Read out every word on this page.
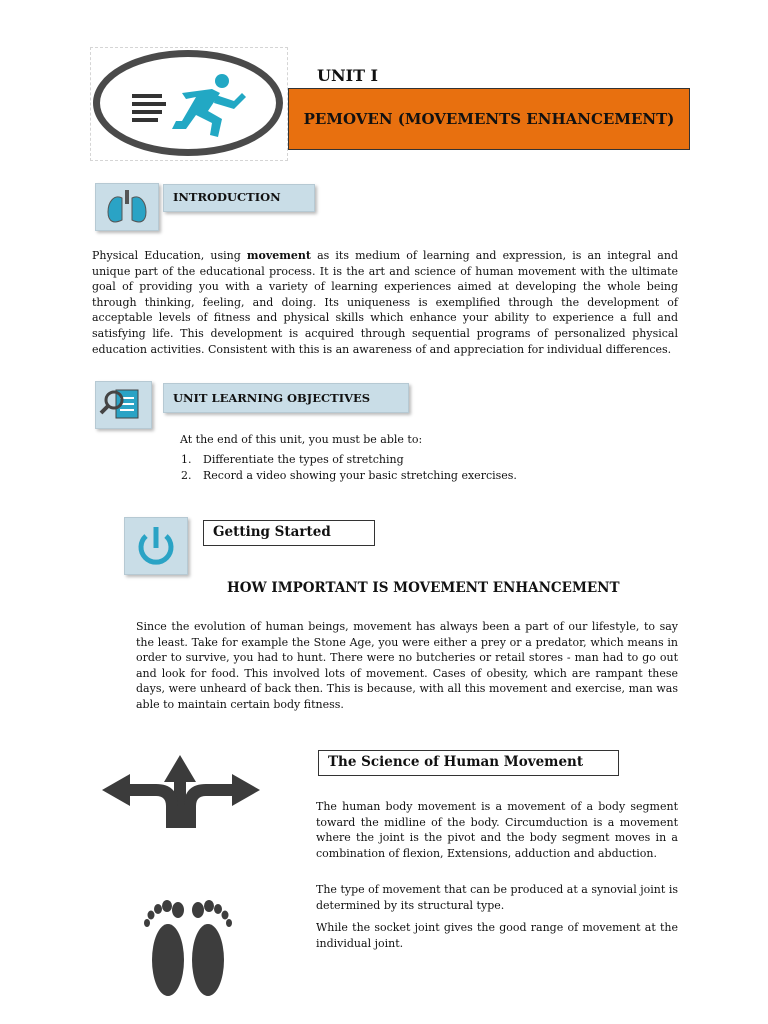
UNIT I
PEMOVEN (MOVEMENTS ENHANCEMENT)
INTRODUCTION
Physical Education, using movement as its medium of learning and expression, is an integral and unique part of the educational process. It is the art and science of human movement with the ultimate goal of providing you with a variety of learning experiences aimed at developing the whole being through thinking, feeling, and doing. Its uniqueness is exemplified through the development of acceptable levels of fitness and physical skills which enhance your ability to experience a full and satisfying life. This development is acquired through sequential programs of personalized physical education activities. Consistent with this is an awareness of and appreciation for individual differences.
UNIT LEARNING OBJECTIVES
At the end of this unit, you must be able to:
1.	Differentiate the types of stretching
2.	Record a video showing your basic stretching exercises.
Getting Started
HOW IMPORTANT IS MOVEMENT ENHANCEMENT
Since the evolution of human beings, movement has always been a part of our lifestyle, to say the least. Take for example the Stone Age, you were either a prey or a predator, which means in order to survive, you had to hunt. There were no butcheries or retail stores - man had to go out and look for food. This involved lots of movement. Cases of obesity, which are rampant these days, were unheard of back then. This is because, with all this movement and exercise, man was able to maintain certain body fitness.
The Science of Human Movement
The human body movement is a movement of a body segment toward the midline of the body. Circumduction is a movement where the joint is the pivot and the body segment moves in a combination of flexion, Extensions, adduction and abduction.
The type of movement that can be produced at a synovial joint is determined by its structural type.
While the socket joint gives the good range of movement at the individual joint.
